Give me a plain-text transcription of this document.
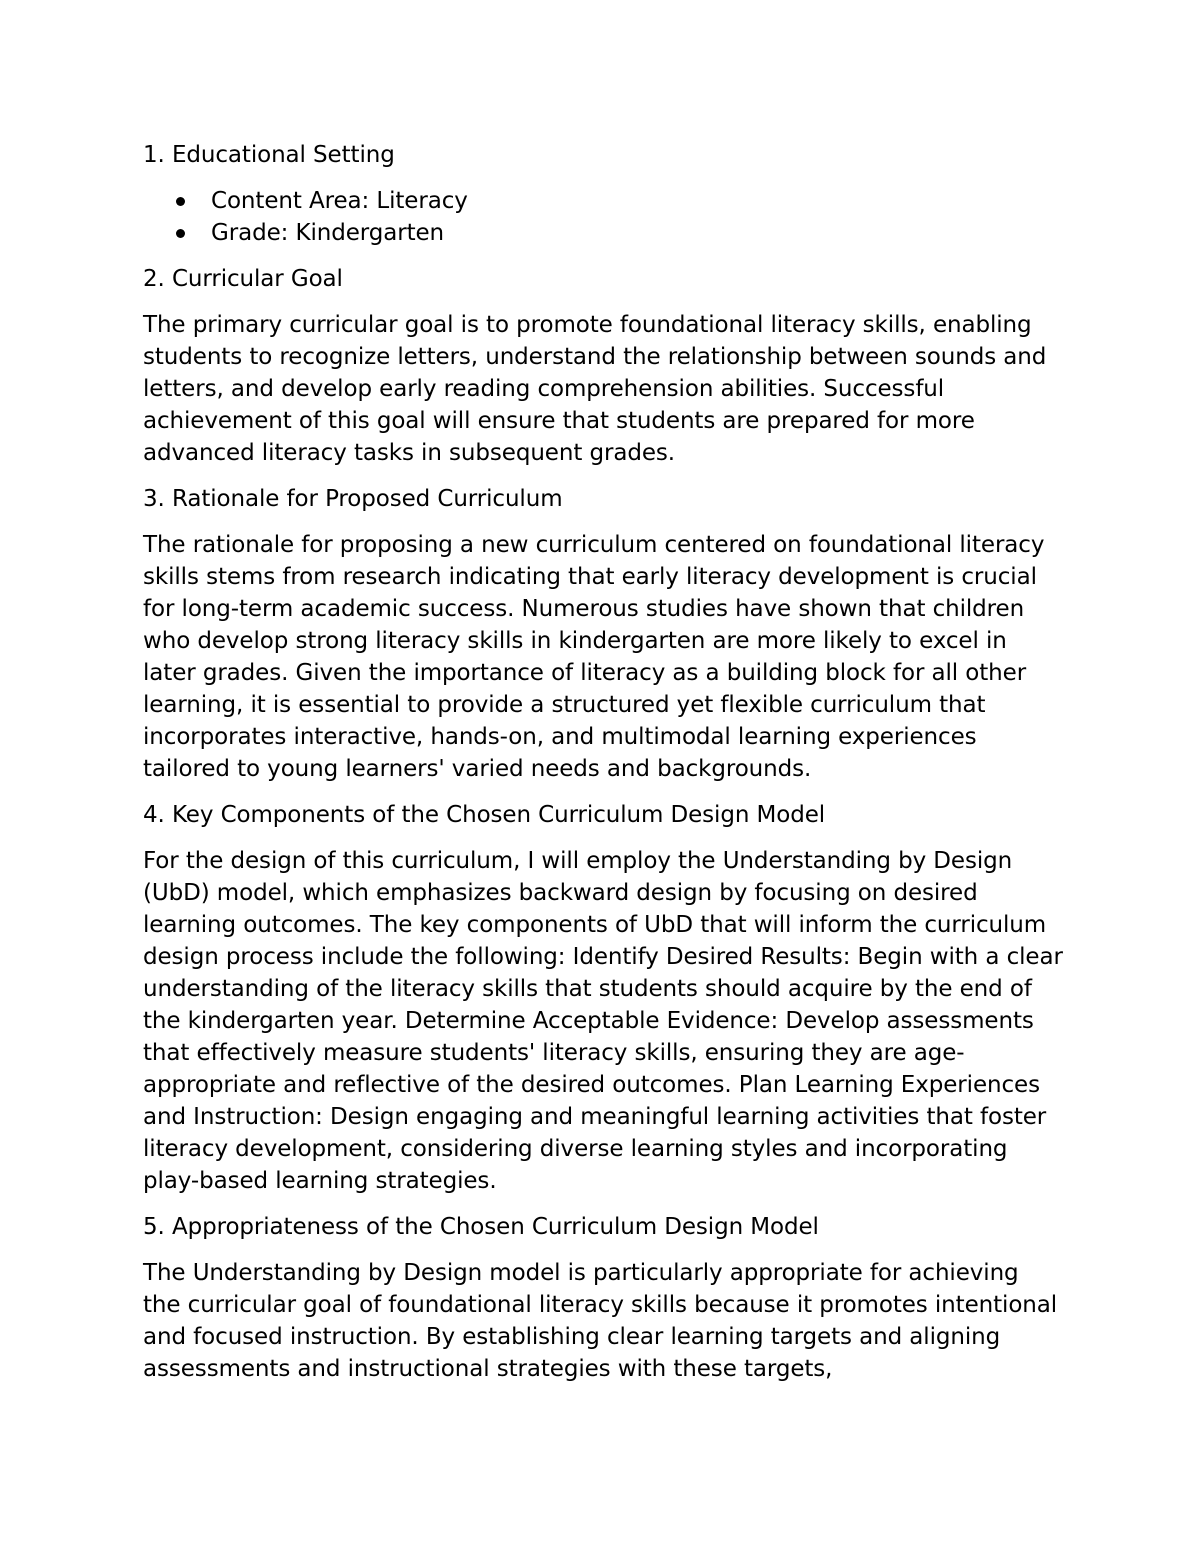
1. Educational Setting
Content Area: Literacy
Grade: Kindergarten
2. Curricular Goal

The primary curricular goal is to promote foundational literacy skills, enabling students to recognize letters, understand the relationship between sounds and letters, and develop early reading comprehension abilities. Successful achievement of this goal will ensure that students are prepared for more advanced literacy tasks in subsequent grades.

3. Rationale for Proposed Curriculum

The rationale for proposing a new curriculum centered on foundational literacy skills stems from research indicating that early literacy development is crucial for long-term academic success. Numerous studies have shown that children who develop strong literacy skills in kindergarten are more likely to excel in later grades. Given the importance of literacy as a building block for all other learning, it is essential to provide a structured yet flexible curriculum that incorporates interactive, hands-on, and multimodal learning experiences tailored to young learners' varied needs and backgrounds.

4. Key Components of the Chosen Curriculum Design Model

For the design of this curriculum, I will employ the Understanding by Design (UbD) model, which emphasizes backward design by focusing on desired learning outcomes. The key components of UbD that will inform the curriculum design process include the following: Identify Desired Results: Begin with a clear understanding of the literacy skills that students should acquire by the end of the kindergarten year. Determine Acceptable Evidence: Develop assessments that effectively measure students' literacy skills, ensuring they are age-appropriate and reflective of the desired outcomes. Plan Learning Experiences and Instruction: Design engaging and meaningful learning activities that foster literacy development, considering diverse learning styles and incorporating play-based learning strategies.

5. Appropriateness of the Chosen Curriculum Design Model

The Understanding by Design model is particularly appropriate for achieving the curricular goal of foundational literacy skills because it promotes intentional and focused instruction. By establishing clear learning targets and aligning assessments and instructional strategies with these targets,
